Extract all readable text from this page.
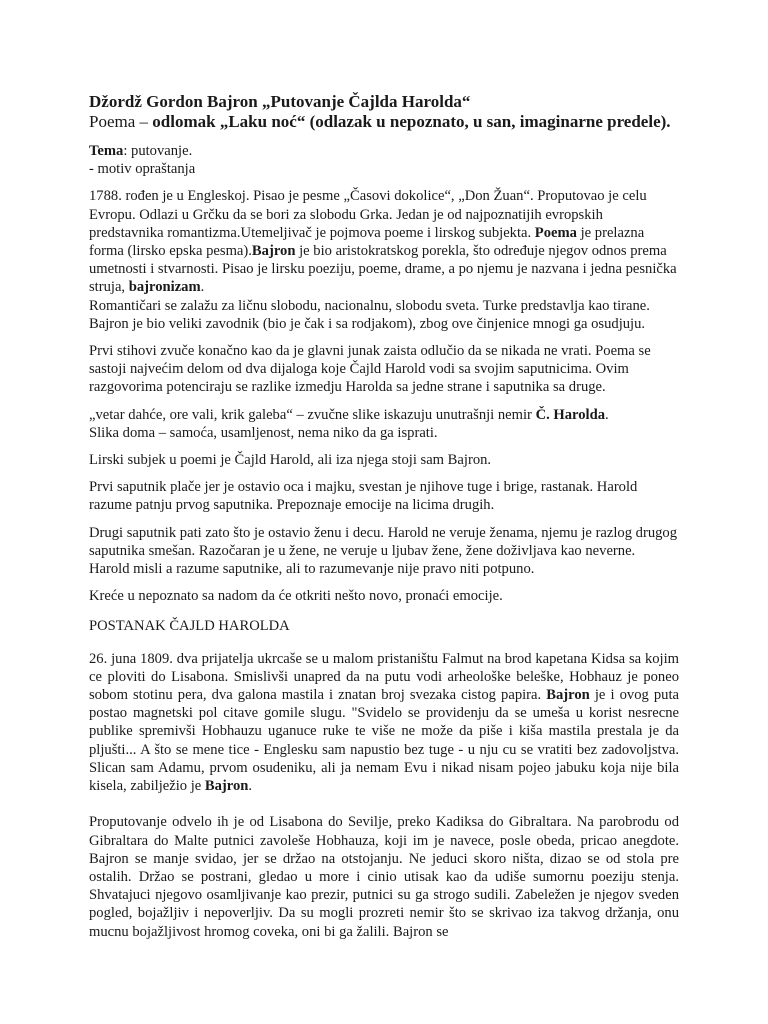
Džordž Gordon Bajron „Putovanje Čajlda Harolda“
Poema – odlomak „Laku noć“ (odlazak u nepoznato, u san, imaginarne predele).

Tema: putovanje.
- motiv opraštanja

1788. rođen je u Engleskoj. Pisao je pesme „Časovi dokolice“, „Don Žuan“. Proputovao je celu Evropu. Odlazi u Grčku da se bori za slobodu Grka. Jedan je od najpoznatijih evropskih predstavnika romantizma.Utemeljivač je pojmova poeme i lirskog subjekta. Poema je prelazna forma (lirsko epska pesma).Bajron je bio aristokratskog porekla, što određuje njegov odnos prema umetnosti i stvarnosti. Pisao je lirsku poeziju, poeme, drame, a po njemu je nazvana i jedna pesnička struja, bajronizam.
Romantičari se zalažu za ličnu slobodu, nacionalnu, slobodu sveta. Turke predstavlja kao tirane. Bajron je bio veliki zavodnik (bio je čak i sa rodjakom), zbog ove činjenice mnogi ga osudjuju.

Prvi stihovi zvuče konačno kao da je glavni junak zaista odlučio da se nikada ne vrati. Poema se sastoji najvećim delom od dva dijaloga koje Čajld Harold vodi sa svojim saputnicima. Ovim razgovorima potenciraju se razlike izmedju Harolda sa jedne strane i saputnika sa druge.

„vetar dahće, ore vali, krik galeba“ – zvučne slike iskazuju unutrašnji nemir Č. Harolda.
Slika doma – samoća, usamljenost, nema niko da ga isprati.

Lirski subjek u poemi je Čajld Harold, ali iza njega stoji sam Bajron.

Prvi saputnik plače jer je ostavio oca i majku, svestan je njihove tuge i brige, rastanak. Harold razume patnju prvog saputnika. Prepoznaje emocije na licima drugih.

Drugi saputnik pati zato što je ostavio ženu i decu. Harold ne veruje ženama, njemu je razlog drugog saputnika smešan. Razočaran je u žene, ne veruje u ljubav žene, žene doživljava kao neverne. Harold misli a razume saputnike, ali to razumevanje nije pravo niti potpuno.

Kreće u nepoznato sa nadom da će otkriti nešto novo, pronaći emocije.

POSTANAK ČAJLD HAROLDA

26. juna 1809. dva prijatelja ukrcaše se u malom pristaništu Falmut na brod kapetana Kidsa sa kojim ce ploviti do Lisabona. Smislivši unapred da na putu vodi arheološke beleške, Hobhauz je poneo sobom stotinu pera, dva galona mastila i znatan broj svezaka cistog papira. Bajron je i ovog puta postao magnetski pol citave gomile slugu. "Svidelo se providenju da se umeša u korist nesrecne publike spremivši Hobhauzu uganuce ruke te više ne može da piše i kiša mastila prestala je da pljušti... A što se mene tice - Englesku sam napustio bez tuge - u nju cu se vratiti bez zadovoljstva. Slican sam Adamu, prvom osudeniku, ali ja nemam Evu i nikad nisam pojeo jabuku koja nije bila kisela, zabilježio je Bajron.

Proputovanje odvelo ih je od Lisabona do Sevilje, preko Kadiksa do Gibraltara. Na parobrodu od Gibraltara do Malte putnici zavoleše Hobhauza, koji im je navece, posle obeda, pricao anegdote. Bajron se manje svidao, jer se držao na otstojanju. Ne jeduci skoro ništa, dizao se od stola pre ostalih. Držao se postrani, gledao u more i cinio utisak kao da udiše sumornu poeziju stenja. Shvatajuci njegovo osamljivanje kao prezir, putnici su ga strogo sudili. Zabeležen je njegov sveden pogled, bojažljiv i nepoverljiv. Da su mogli prozreti nemir što se skrivao iza takvog držanja, onu mucnu bojažljivost hromog coveka, oni bi ga žalili. Bajron se
